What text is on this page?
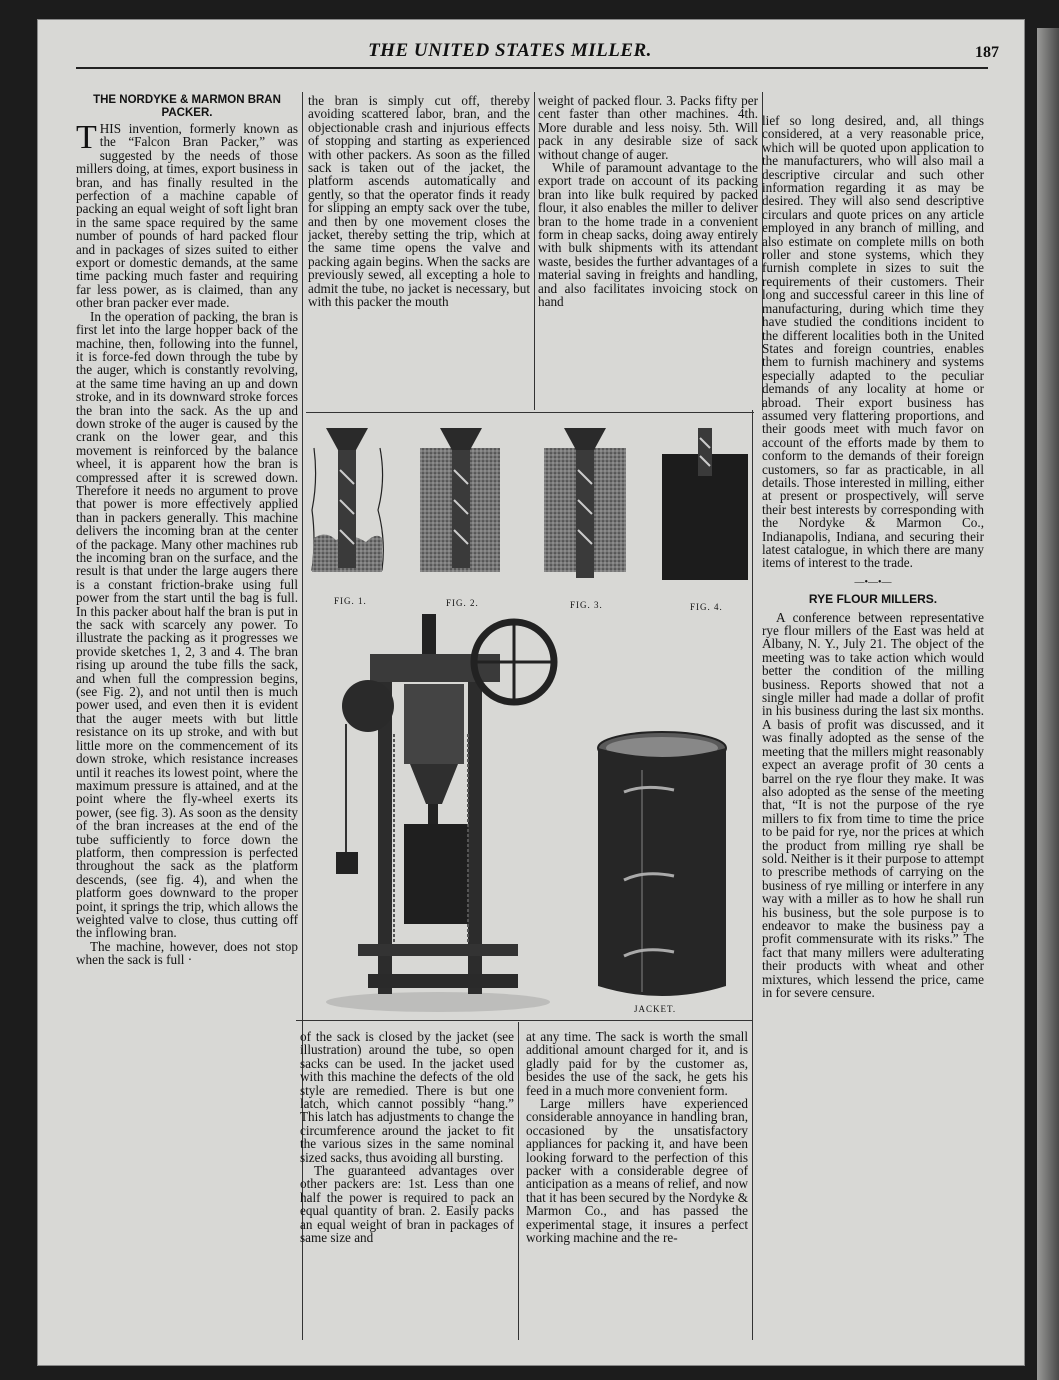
THE UNITED STATES MILLER.	187
THE NORDYKE & MARMON BRAN PACKER.

THIS invention, formerly known as the “Falcon Bran Packer,” was suggested by the needs of those millers doing, at times, export business in bran, and has finally resulted in the perfection of a machine capable of packing an equal weight of soft light bran in the same space required by the same number of pounds of hard packed flour and in packages of sizes suited to either export or domestic demands, at the same time packing much faster and requiring far less power, as is claimed, than any other bran packer ever made.

In the operation of packing, the bran is first let into the large hopper back of the machine, then, following into the funnel, it is force-fed down through the tube by the auger, which is constantly revolving, at the same time having an up and down stroke, and in its downward stroke forces the bran into the sack. As the up and down stroke of the auger is caused by the crank on the lower gear, and this movement is reinforced by the balance wheel, it is apparent how the bran is compressed after it is screwed down. Therefore it needs no argument to prove that power is more effectively applied than in packers generally. This machine delivers the incoming bran at the center of the package. Many other machines rub the incoming bran on the surface, and the result is that under the large augers there is a constant friction-brake using full power from the start until the bag is full. In this packer about half the bran is put in the sack with scarcely any power. To illustrate the packing as it progresses we provide sketches 1, 2, 3 and 4. The bran rising up around the tube fills the sack, and when full the compression begins, (see Fig. 2), and not until then is much power used, and even then it is evident that the auger meets with but little resistance on its up stroke, and with but little more on the commencement of its down stroke, which resistance increases until it reaches its lowest point, where the maximum pressure is attained, and at the point where the fly-wheel exerts its power, (see fig. 3). As soon as the density of the bran increases at the end of the tube sufficiently to force down the platform, then compression is perfected throughout the sack as the platform descends, (see fig. 4), and when the platform goes downward to the proper point, it springs the trip, which allows the weighted valve to close, thus cutting off the inflowing bran.

The machine, however, does not stop when the sack is full ·

the bran is simply cut off, thereby avoiding scattered labor, bran, and the objectionable crash and injurious effects of stopping and starting as experienced with other packers. As soon as the filled sack is taken out of the jacket, the platform ascends automatically and gently, so that the operator finds it ready for slipping an empty sack over the tube, and then by one movement closes the jacket, thereby setting the trip, which at the same time opens the valve and packing again begins. When the sacks are previously sewed, all excepting a hole to admit the tube, no jacket is necessary, but with this packer the mouth

weight of packed flour. 3. Packs fifty per cent faster than other machines. 4th. More durable and less noisy. 5th. Will pack in any desirable size of sack without change of auger.

While of paramount advantage to the export trade on account of its packing bran into like bulk required by packed flour, it also enables the miller to deliver bran to the home trade in a convenient form in cheap sacks, doing away entirely with bulk shipments with its attendant waste, besides the further advantages of a material saving in freights and handling, and also facilitates invoicing stock on hand

lief so long desired, and, all things considered, at a very reasonable price, which will be quoted upon application to the manufacturers, who will also mail a descriptive circular and such other information regarding it as may be desired. They will also send descriptive circulars and quote prices on any article employed in any branch of milling, and also estimate on complete mills on both roller and stone systems, which they furnish complete in sizes to suit the requirements of their customers. Their long and successful career in this line of manufacturing, during which time they have studied the conditions incident to the different localities both in the United States and foreign countries, enables them to furnish machinery and systems especially adapted to the peculiar demands of any locality at home or abroad. Their export business has assumed very flattering proportions, and their goods meet with much favor on account of the efforts made by them to conform to the demands of their foreign customers, so far as practicable, in all details. Those interested in milling, either at present or prospectively, will serve their best interests by corresponding with the Nordyke & Marmon Co., Indianapolis, Indiana, and securing their latest catalogue, in which there are many items of interest to the trade.

—•—•—
RYE FLOUR MILLERS.

A conference between representative rye flour millers of the East was held at Albany, N. Y., July 21. The object of the meeting was to take action which would better the condition of the milling business. Reports showed that not a single miller had made a dollar of profit in his business during the last six months. A basis of profit was discussed, and it was finally adopted as the sense of the meeting that the millers might reasonably expect an average profit of 30 cents a barrel on the rye flour they make. It was also adopted as the sense of the meeting that, “It is not the purpose of the rye millers to fix from time to time the price to be paid for rye, nor the prices at which the product from milling rye shall be sold. Neither is it their purpose to attempt to prescribe methods of carrying on the business of rye milling or interfere in any way with a miller as to how he shall run his business, but the sole purpose is to endeavor to make the business pay a profit commensurate with its risks.” The fact that many millers were adulterating their products with wheat and other mixtures, which lessend the price, came in for severe censure.

FIG. 1.	FIG. 2.	FIG. 3.	FIG. 4.
JACKET.

of the sack is closed by the jacket (see illustration) around the tube, so open sacks can be used. In the jacket used with this machine the defects of the old style are remedied. There is but one latch, which cannot possibly “hang.” This latch has adjustments to change the circumference around the jacket to fit the various sizes in the same nominal sized sacks, thus avoiding all bursting.

The guaranteed advantages over other packers are: 1st. Less than one half the power is required to pack an equal quantity of bran. 2. Easily packs an equal weight of bran in packages of same size and

at any time. The sack is worth the small additional amount charged for it, and is gladly paid for by the customer as, besides the use of the sack, he gets his feed in a much more convenient form.

Large millers have experienced considerable annoyance in handling bran, occasioned by the unsatisfactory appliances for packing it, and have been looking forward to the perfection of this packer with a considerable degree of anticipation as a means of relief, and now that it has been secured by the Nordyke & Marmon Co., and has passed the experimental stage, it insures a perfect working machine and the re-
